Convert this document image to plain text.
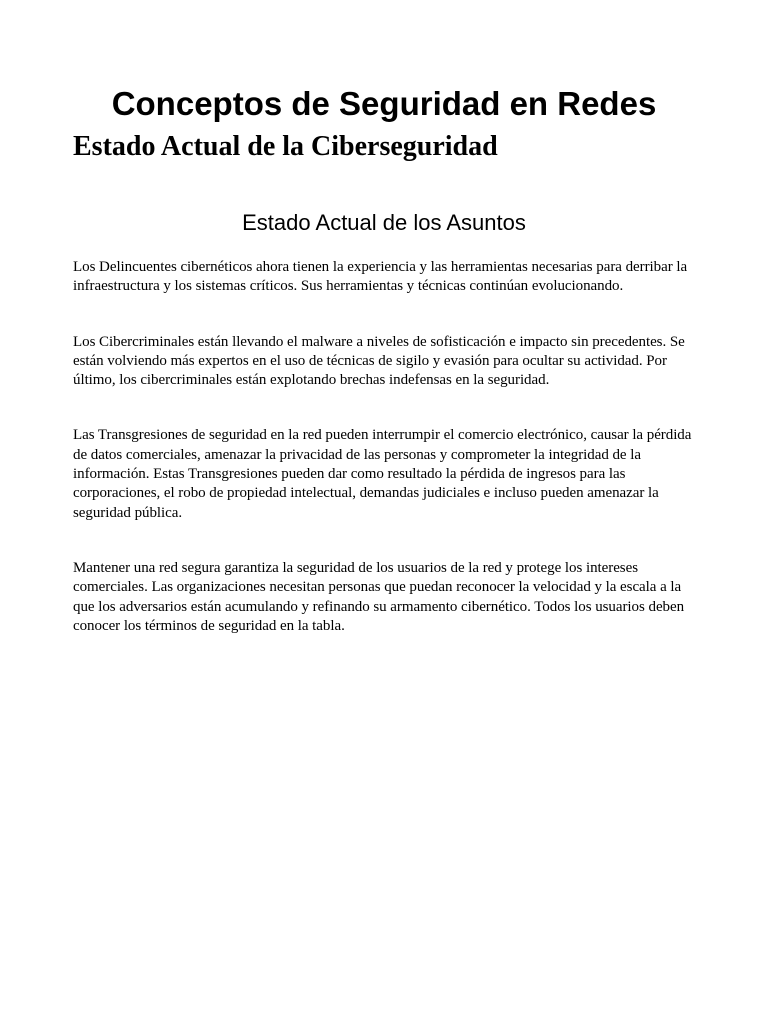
Conceptos de Seguridad en Redes
Estado Actual de la Ciberseguridad
Estado Actual de los Asuntos

Los Delincuentes cibernéticos ahora tienen la experiencia y las herramientas necesarias para derribar la infraestructura y los sistemas críticos. Sus herramientas y técnicas continúan evolucionando.

Los Cibercriminales están llevando el malware a niveles de sofisticación e impacto sin precedentes. Se están volviendo más expertos en el uso de técnicas de sigilo y evasión para ocultar su actividad. Por último, los cibercriminales están explotando brechas indefensas en la seguridad.

Las Transgresiones de seguridad en la red pueden interrumpir el comercio electrónico, causar la pérdida de datos comerciales, amenazar la privacidad de las personas y comprometer la integridad de la información. Estas Transgresiones pueden dar como resultado la pérdida de ingresos para las corporaciones, el robo de propiedad intelectual, demandas judiciales e incluso pueden amenazar la seguridad pública.

Mantener una red segura garantiza la seguridad de los usuarios de la red y protege los intereses comerciales. Las organizaciones necesitan personas que puedan reconocer la velocidad y la escala a la que los adversarios están acumulando y refinando su armamento cibernético. Todos los usuarios deben conocer los términos de seguridad en la tabla.
